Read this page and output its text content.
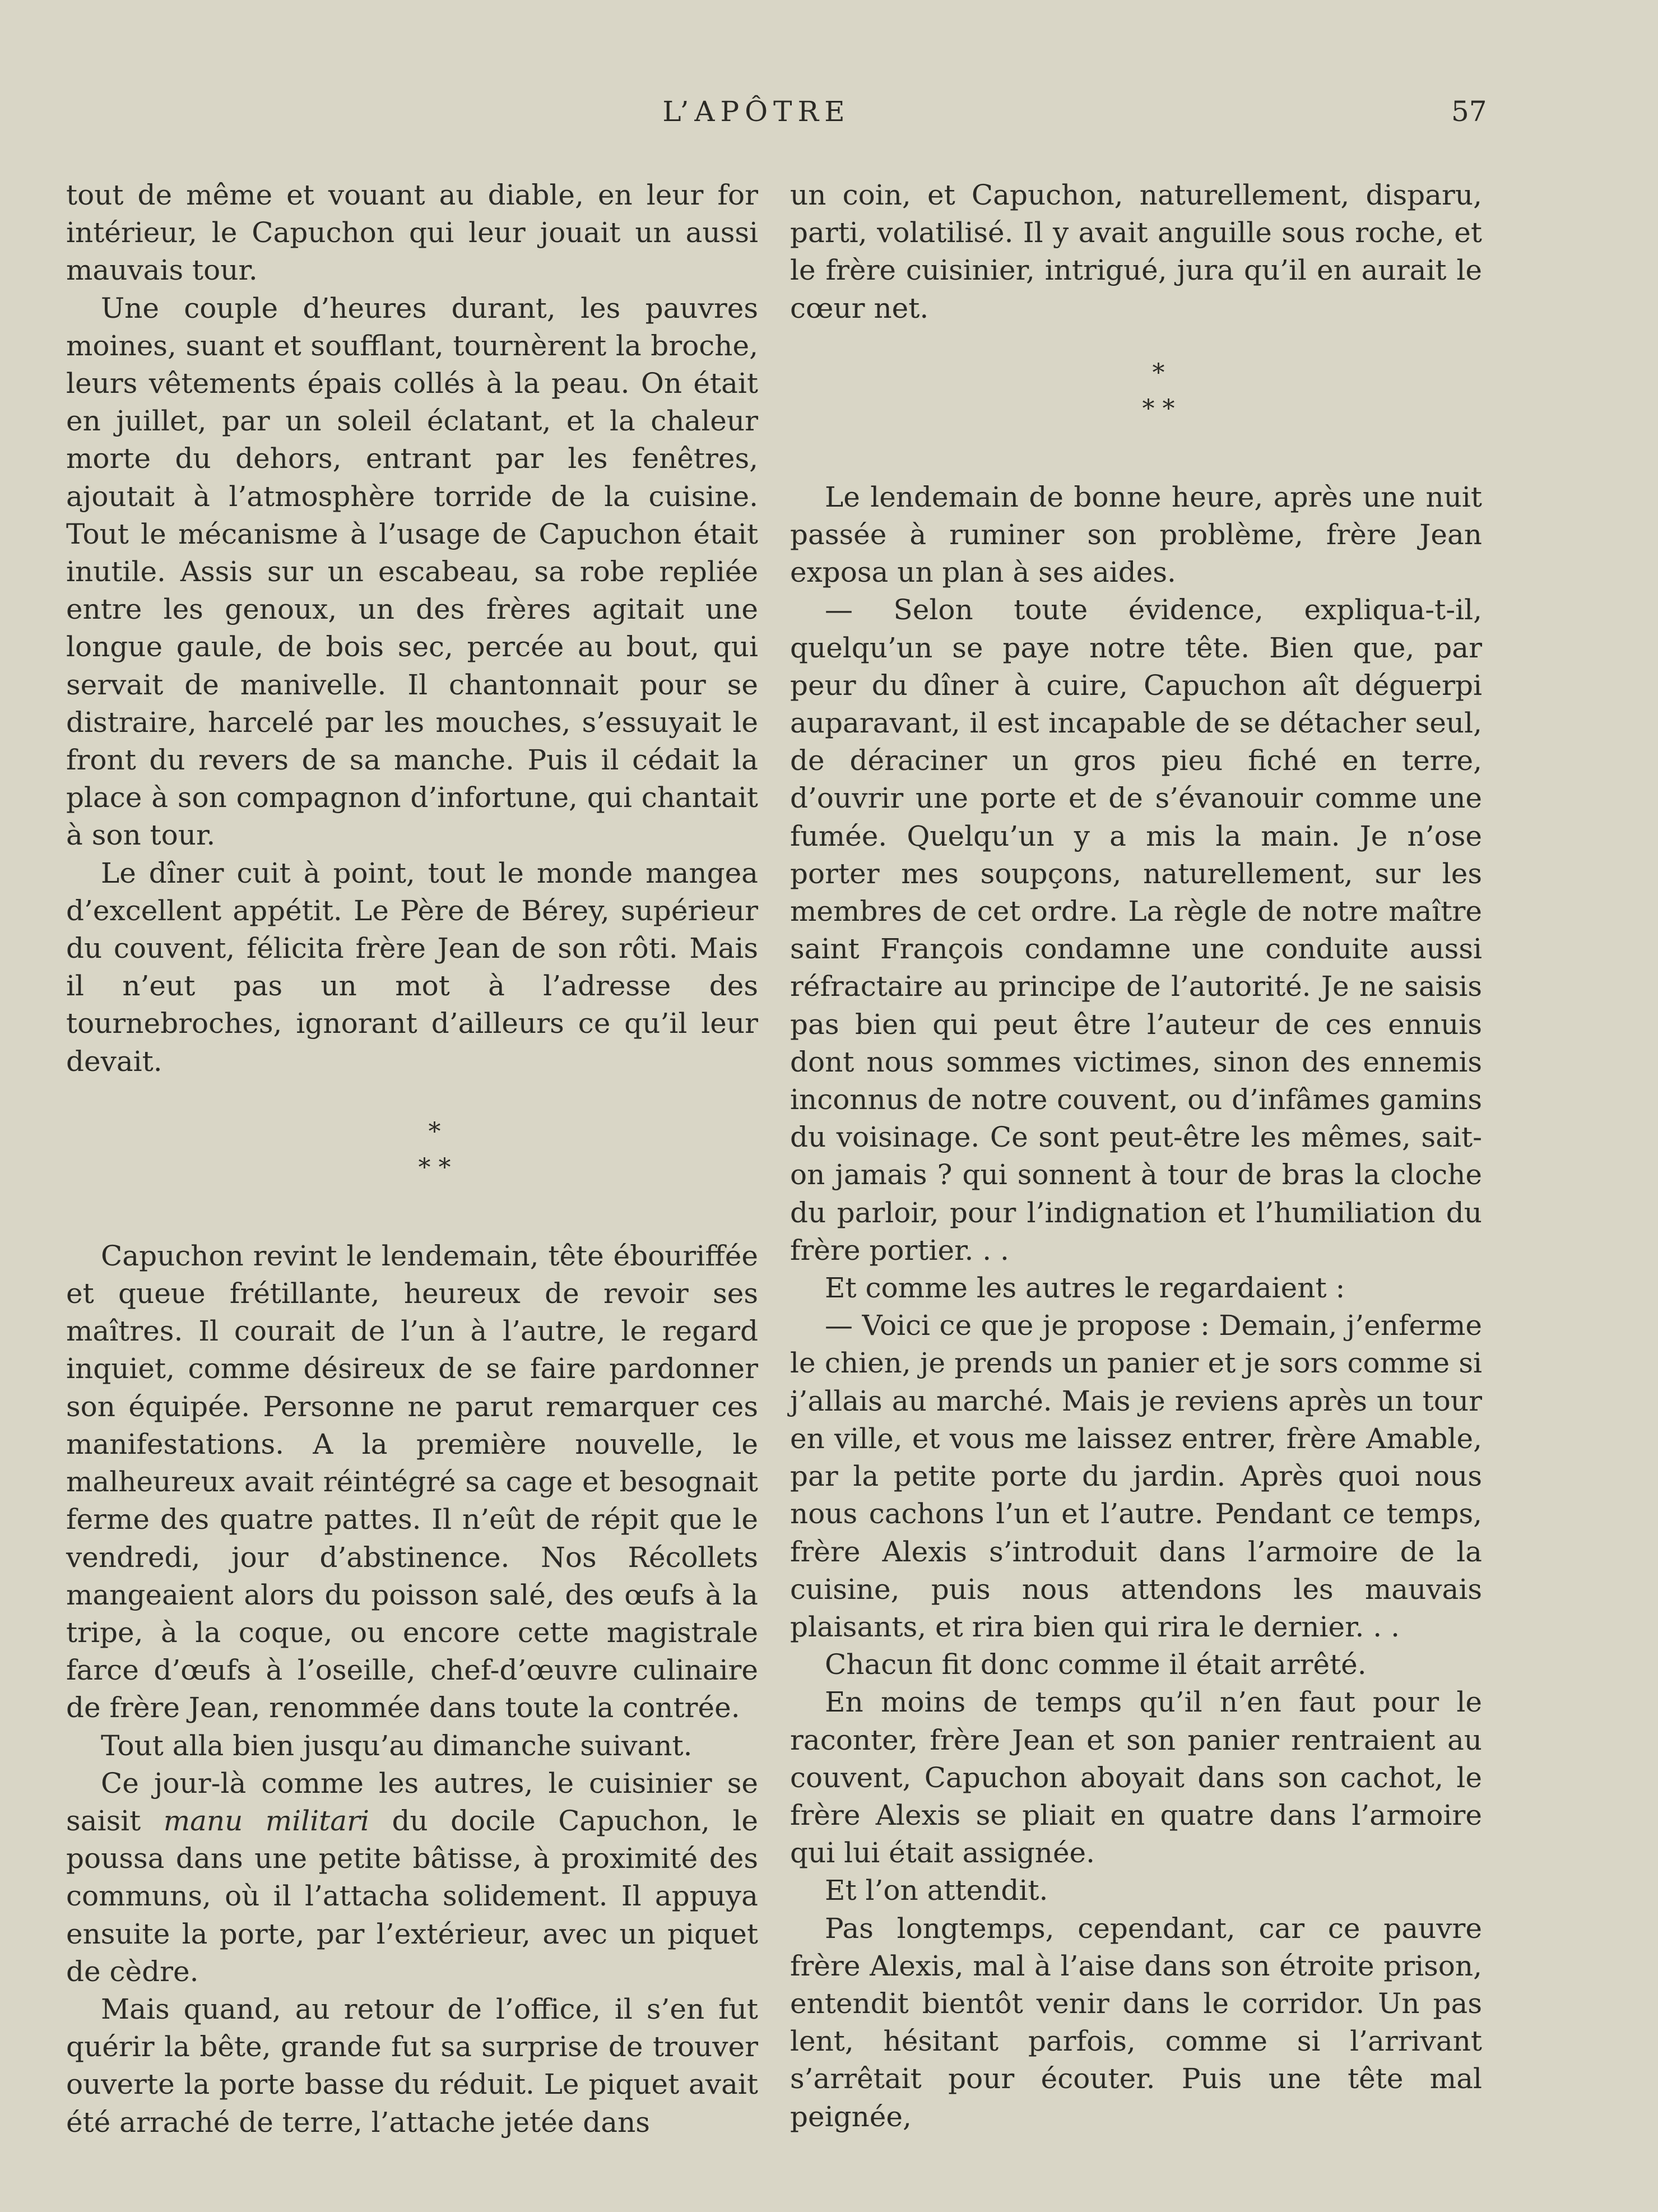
L’APÔTRE	57

tout de même et vouant au diable, en leur for intérieur, le Capuchon qui leur jouait un aussi mauvais tour.

Une couple d’heures durant, les pauvres moines, suant et soufflant, tournèrent la broche, leurs vêtements épais collés à la peau. On était en juillet, par un soleil éclatant, et la chaleur morte du dehors, entrant par les fenêtres, ajoutait à l’atmosphère torride de la cuisine. Tout le mécanisme à l’usage de Capuchon était inutile. Assis sur un escabeau, sa robe repliée entre les genoux, un des frères agitait une longue gaule, de bois sec, percée au bout, qui servait de manivelle. Il chantonnait pour se distraire, harcelé par les mouches, s’essuyait le front du revers de sa manche. Puis il cédait la place à son compagnon d’infortune, qui chantait à son tour.

Le dîner cuit à point, tout le monde mangea d’excellent appétit. Le Père de Bérey, supérieur du couvent, félicita frère Jean de son rôti. Mais il n’eut pas un mot à l’adresse des tournebroches, ignorant d’ailleurs ce qu’il leur devait.

*
* *

Capuchon revint le lendemain, tête ébouriffée et queue frétillante, heureux de revoir ses maîtres. Il courait de l’un à l’autre, le regard inquiet, comme désireux de se faire pardonner son équipée. Personne ne parut remarquer ces manifestations. A la première nouvelle, le malheureux avait réintégré sa cage et besognait ferme des quatre pattes. Il n’eût de répit que le vendredi, jour d’abstinence. Nos Récollets mangeaient alors du poisson salé, des œufs à la tripe, à la coque, ou encore cette magistrale farce d’œufs à l’oseille, chef-d’œuvre culinaire de frère Jean, renommée dans toute la contrée.

Tout alla bien jusqu’au dimanche suivant.

Ce jour-là comme les autres, le cuisinier se saisit manu militari du docile Capuchon, le poussa dans une petite bâtisse, à proximité des communs, où il l’attacha solidement. Il appuya ensuite la porte, par l’extérieur, avec un piquet de cèdre.

Mais quand, au retour de l’office, il s’en fut quérir la bête, grande fut sa surprise de trouver ouverte la porte basse du réduit. Le piquet avait été arraché de terre, l’attache jetée dans

un coin, et Capuchon, naturellement, disparu, parti, volatilisé. Il y avait anguille sous roche, et le frère cuisinier, intrigué, jura qu’il en aurait le cœur net.

*
* *

Le lendemain de bonne heure, après une nuit passée à ruminer son problème, frère Jean exposa un plan à ses aides.

— Selon toute évidence, expliqua-t-il, quelqu’un se paye notre tête. Bien que, par peur du dîner à cuire, Capuchon aît déguerpi auparavant, il est incapable de se détacher seul, de déraciner un gros pieu fiché en terre, d’ouvrir une porte et de s’évanouir comme une fumée. Quelqu’un y a mis la main. Je n’ose porter mes soupçons, naturellement, sur les membres de cet ordre. La règle de notre maître saint François condamne une conduite aussi réfractaire au principe de l’autorité. Je ne saisis pas bien qui peut être l’auteur de ces ennuis dont nous sommes victimes, sinon des ennemis inconnus de notre couvent, ou d’infâmes gamins du voisinage. Ce sont peut-être les mêmes, sait-on jamais ? qui sonnent à tour de bras la cloche du parloir, pour l’indignation et l’humiliation du frère portier. . .

Et comme les autres le regardaient :

— Voici ce que je propose : Demain, j’enferme le chien, je prends un panier et je sors comme si j’allais au marché. Mais je reviens après un tour en ville, et vous me laissez entrer, frère Amable, par la petite porte du jardin. Après quoi nous nous cachons l’un et l’autre. Pendant ce temps, frère Alexis s’introduit dans l’armoire de la cuisine, puis nous attendons les mauvais plaisants, et rira bien qui rira le dernier. . .

Chacun fit donc comme il était arrêté.

En moins de temps qu’il n’en faut pour le raconter, frère Jean et son panier rentraient au couvent, Capuchon aboyait dans son cachot, le frère Alexis se pliait en quatre dans l’armoire qui lui était assignée.

Et l’on attendit.

Pas longtemps, cependant, car ce pauvre frère Alexis, mal à l’aise dans son étroite prison, entendit bientôt venir dans le corridor. Un pas lent, hésitant parfois, comme si l’arrivant s’arrêtait pour écouter. Puis une tête mal peignée,
